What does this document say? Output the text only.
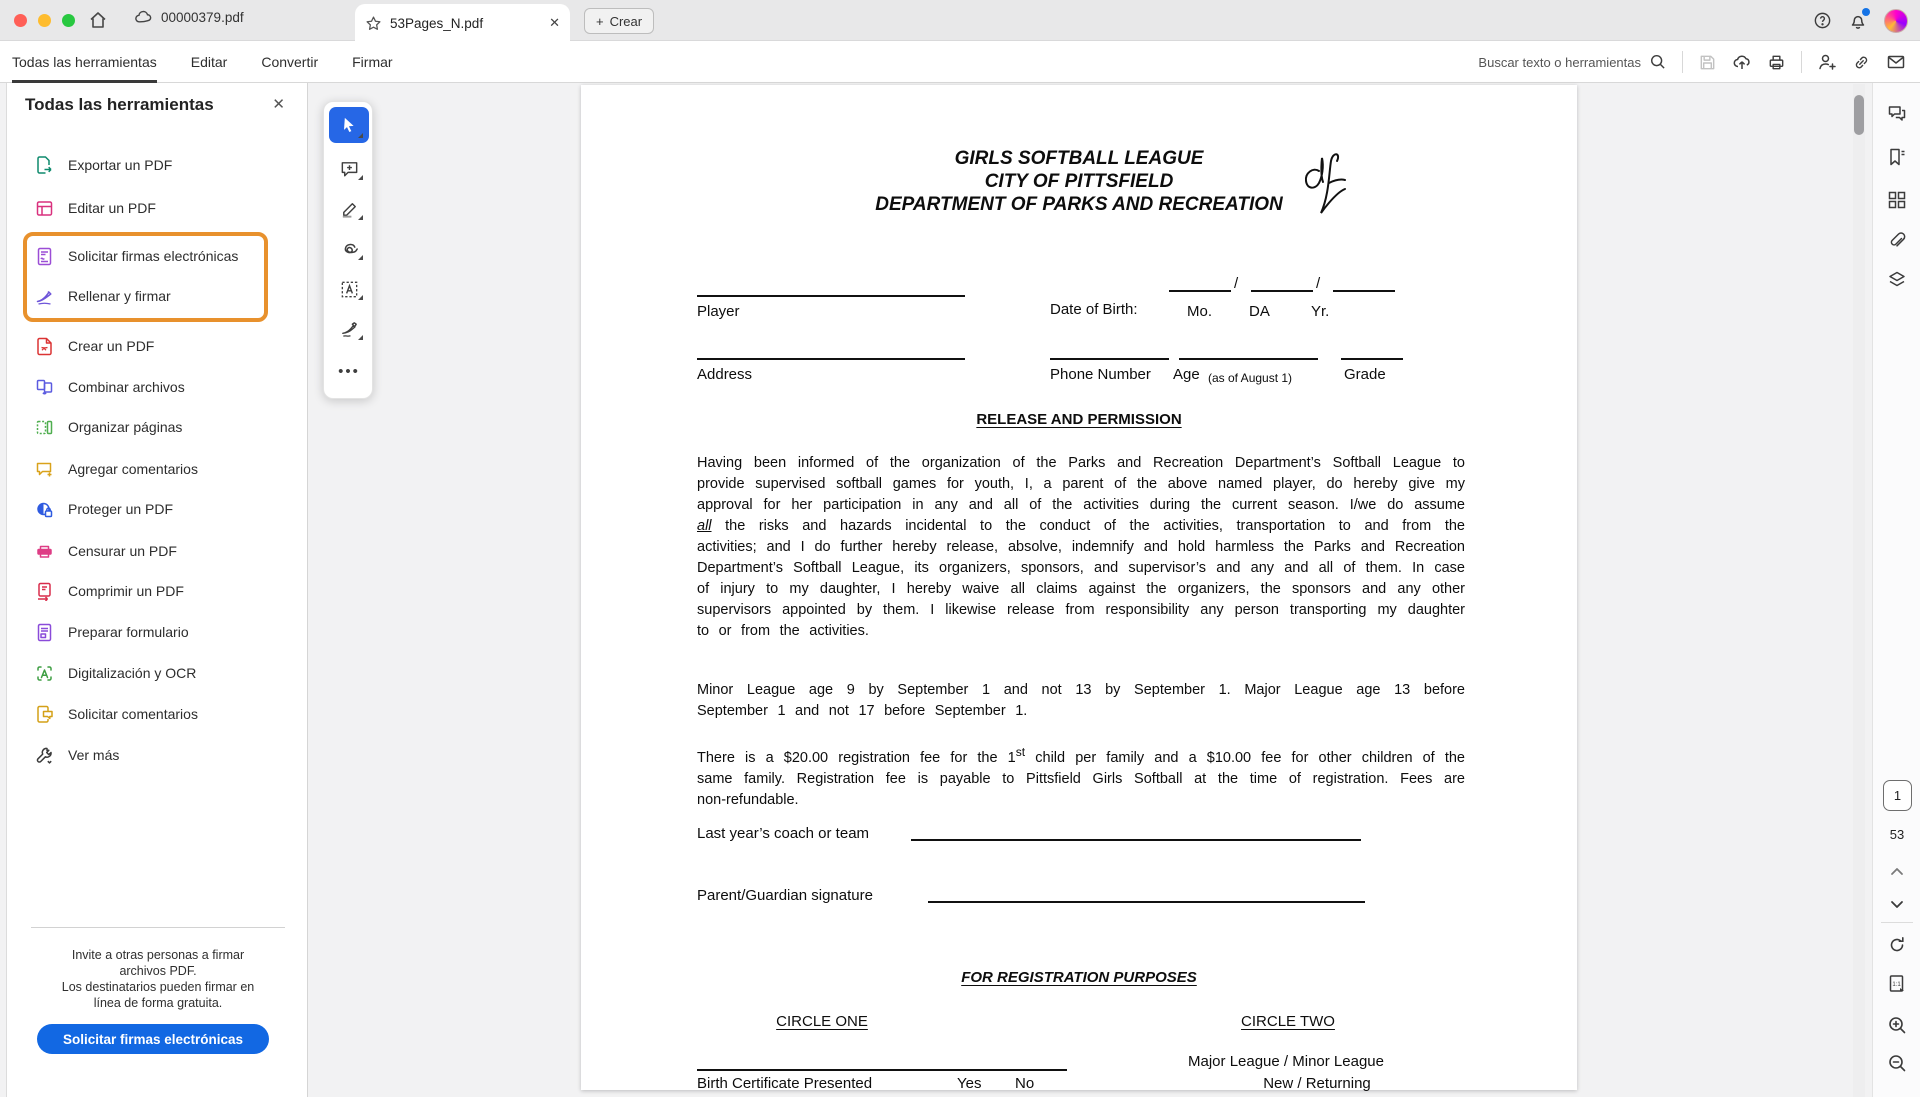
00000379.pdf	53Pages_N.pdf	✕	+ Crear
Todas las herramientas Editar Convertir Firmar
Buscar texto o herramientas
Todas las herramientas	✕
Exportar un PDF
Editar un PDF
Solicitar firmas electrónicas
Rellenar y firmar
Crear un PDF
Combinar archivos
Organizar páginas
Agregar comentarios
Proteger un PDF
Censurar un PDF
Comprimir un PDF
Preparar formulario
Digitalización y OCR
Solicitar comentarios
Ver más
Invite a otras personas a firmar
archivos PDF.
Los destinatarios pueden firmar en
línea de forma gratuita.
Solicitar firmas electrónicas
•••
GIRLS SOFTBALL LEAGUE
CITY OF PITTSFIELD
DEPARTMENT OF PARKS AND RECREATION
Player	Date of Birth:
/	/
Mo. DA	Yr.
Address	Phone Number Age (as of August 1)	Grade
RELEASE AND PERMISSION
Having been informed of the organization of the Parks and Recreation Department’s Softball League to provide supervised softball games for youth, I, a parent of the above named player, do hereby give my approval for her participation in any and all of the activities during the current season. I/we do assume all the risks and hazards incidental to the conduct of the activities, transportation to and from the activities; and I do further hereby release, absolve, indemnify and hold harmless the Parks and Recreation Department’s Softball League, its organizers, sponsors, and supervisor’s and any and all of them. In case of injury to my daughter, I hereby waive all claims against the organizers, the sponsors and any other supervisors appointed by them. I likewise release from responsibility any person transporting my daughter to or from the activities.
Minor League age 9 by September 1 and not 13 by September 1. Major League age 13 before September 1 and not 17 before September 1.
There is a $20.00 registration fee for the 1st child per family and a $10.00 fee for other children of the same family. Registration fee is payable to Pittsfield Girls Softball at the time of registration. Fees are non-refundable.
Last year’s coach or team
Parent/Guardian signature
FOR REGISTRATION PURPOSES
CIRCLE ONE	CIRCLE TWO
Major League / Minor League
New / Returning
Birth Certificate Presented	Yes No
1
53
1:1
